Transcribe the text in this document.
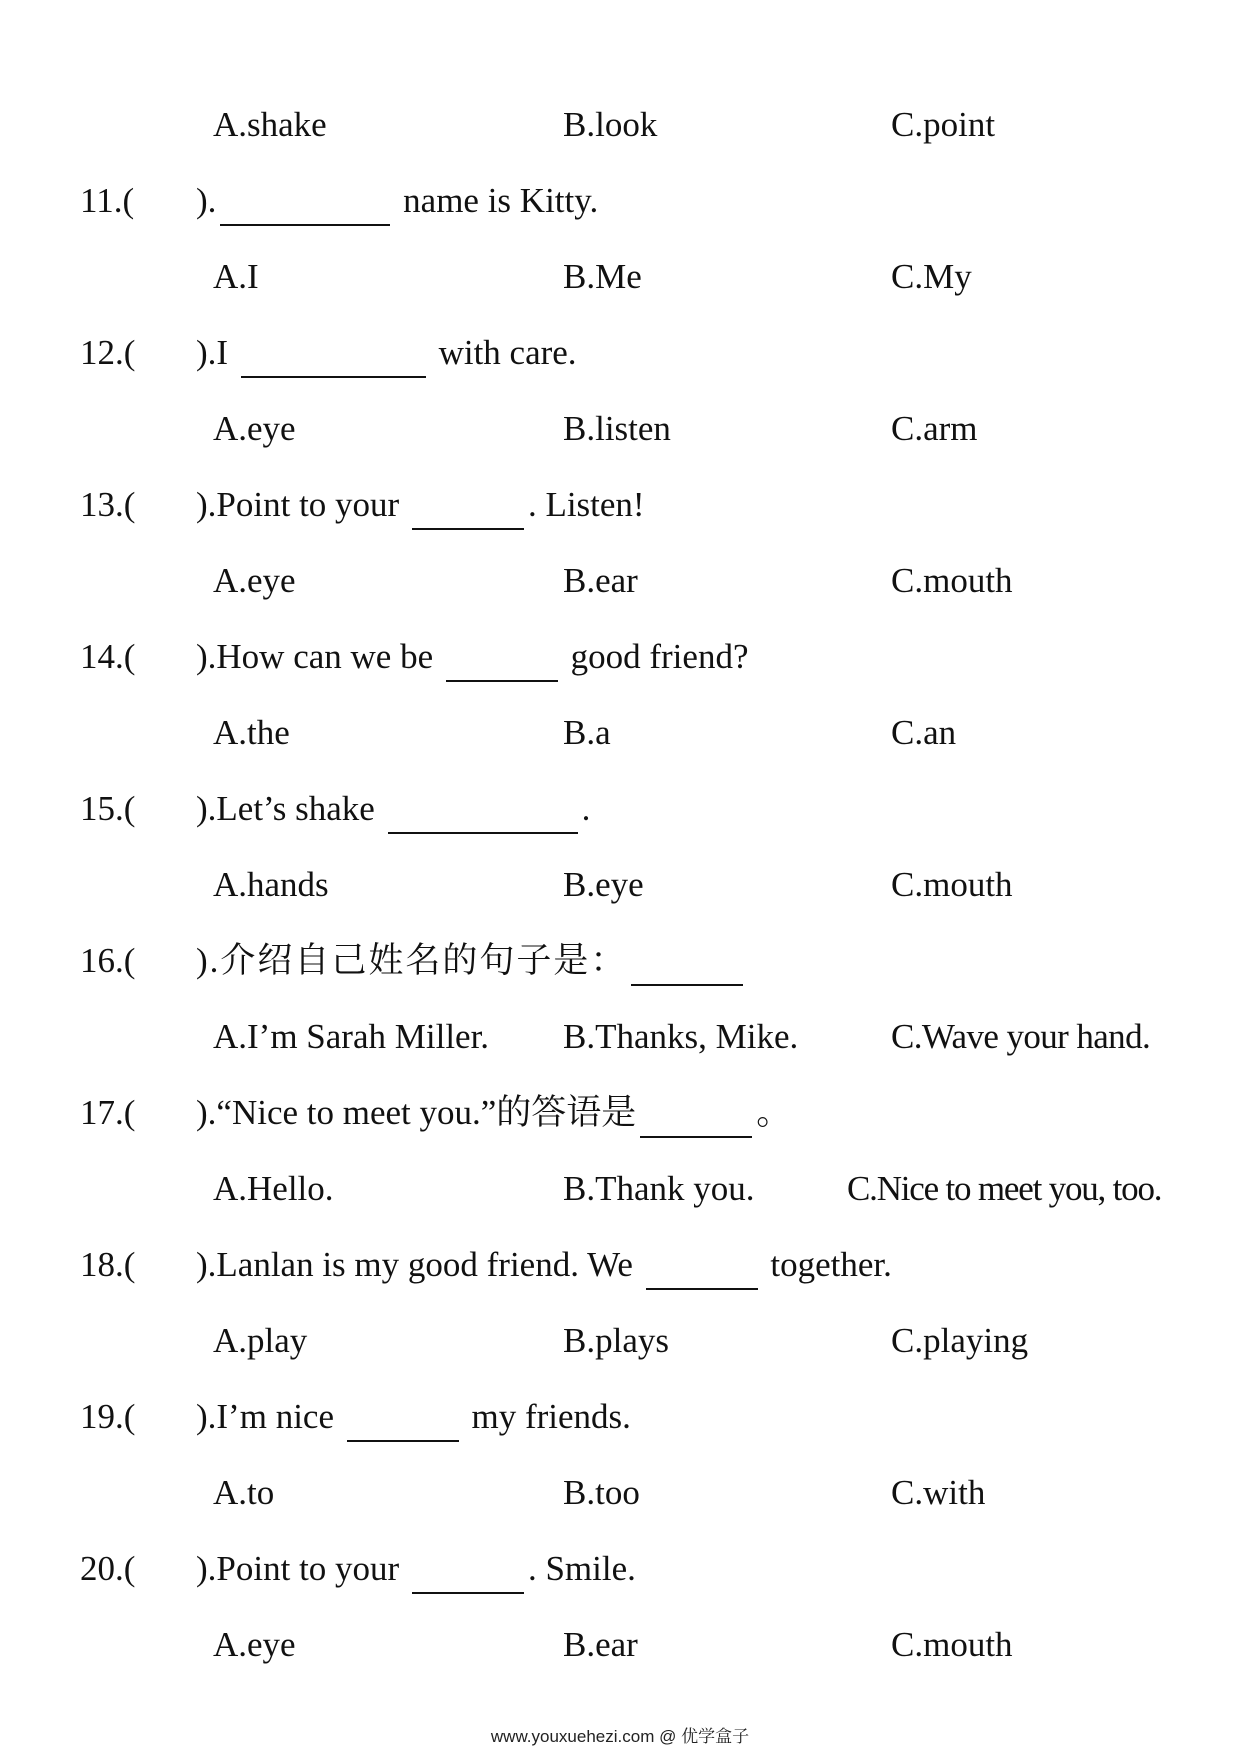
A.shake	B.look	C.point
11.( ).	name is Kitty.
A.I	B.Me	C.My
12.( ).I	with care.
A.eye	B.listen	C.arm
13.( ).Point to your	. Listen!
A.eye	B.ear	C.mouth
14.( ).How can we be	good friend?
A.the	B.a	C.an
15.( ).Let’s shake	.
A.hands	B.eye	C.mouth
16.( ).介绍自己姓名的句子是：
A.I’m Sarah Miller. B.Thanks, Mike.	C.Wave your hand.
17.( ).“Nice to meet you.”的答语是	。
A.Hello.	B.Thank you.	C.Nice to meet you, too.
18.( ).Lanlan is my good friend. We	together.
A.play	B.plays	C.playing
19.( ).I’m nice	my friends.
A.to	B.too	C.with
20.( ).Point to your	. Smile.
A.eye	B.ear	C.mouth
www.youxuehezi.com @ 优学盒子
